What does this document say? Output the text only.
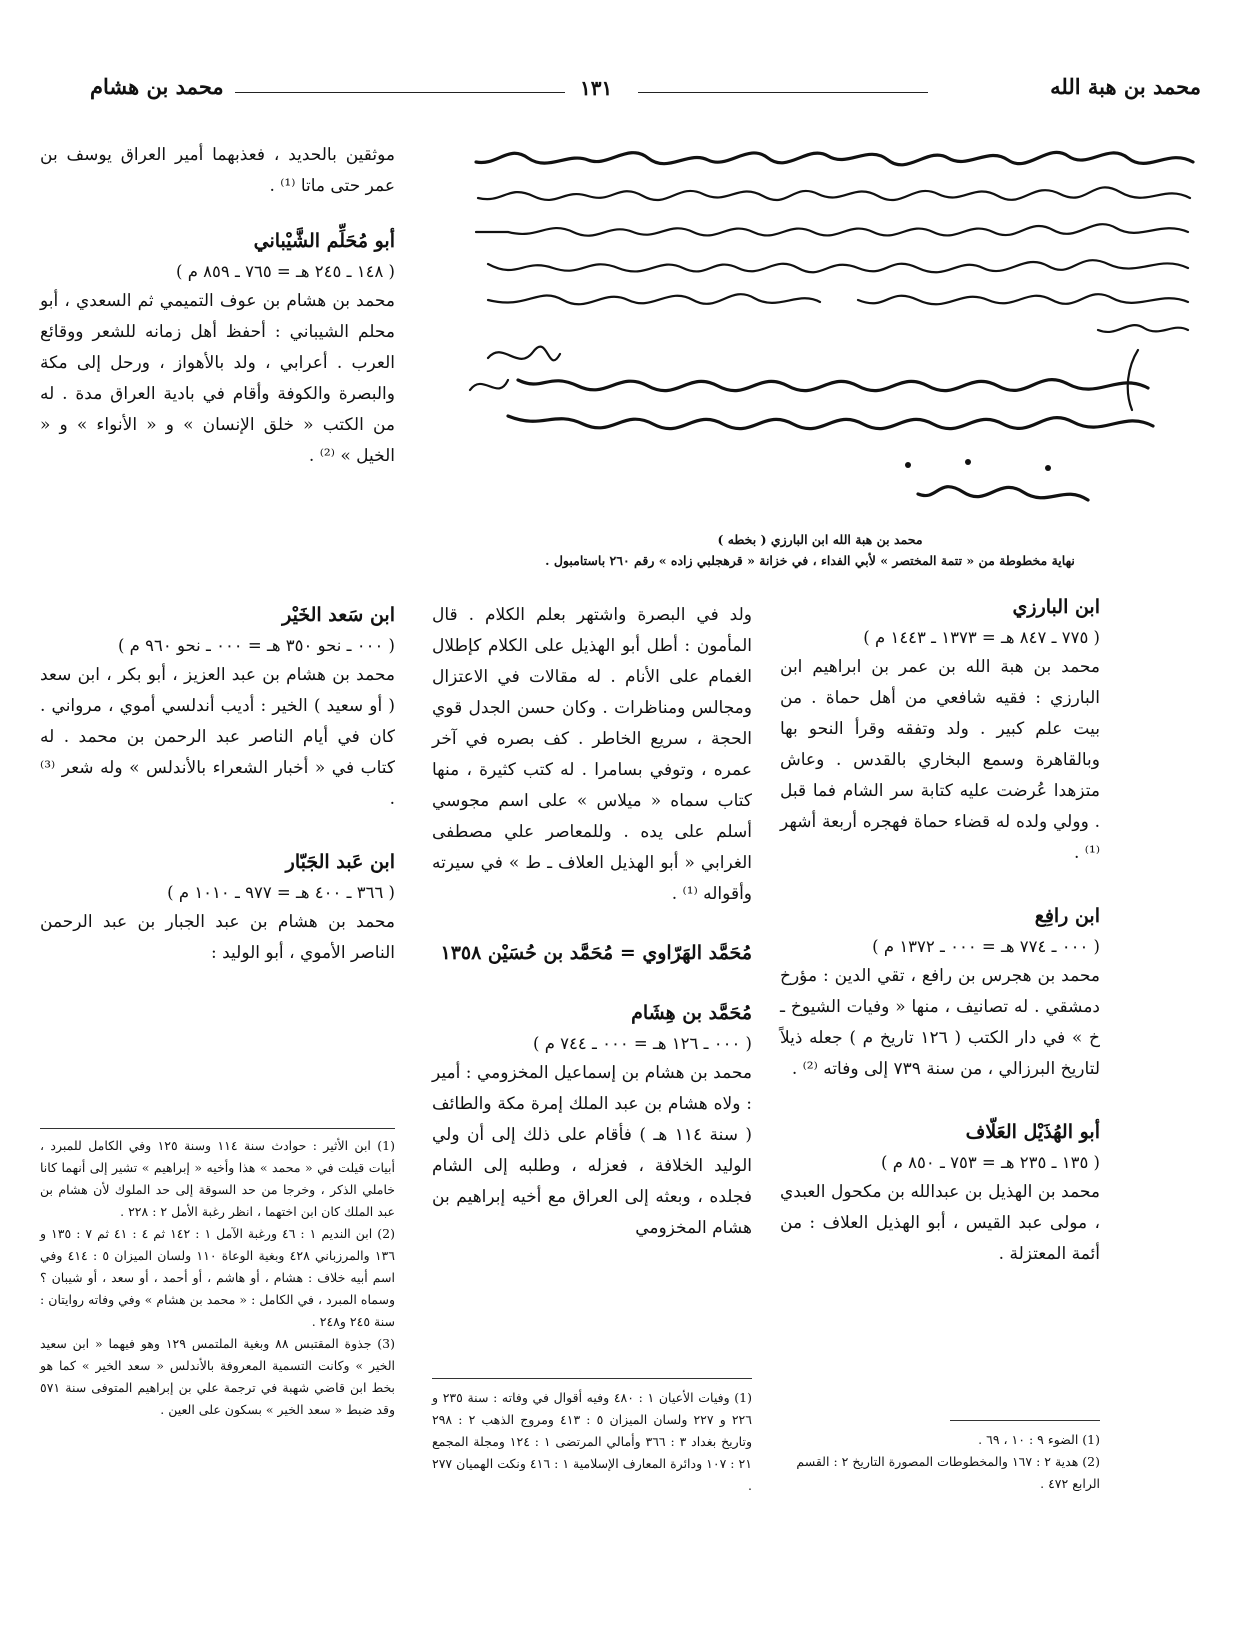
محمد بن هبة الله
١٣١
محمد بن هشام
محمد بن هبة الله ابن البارزي ( بخطه )
نهاية مخطوطة من « تتمة المختصر » لأبي الفداء ، في خزانة « قرهجلبي زاده » رقم ٢٦٠ باستامبول .

موثقين بالحديد ، فعذبهما أمير العراق يوسف بن عمر حتى ماتا ⁽¹⁾ .

أبو مُحَلِّم الشَّيْباني

( ١٤٨ ـ ٢٤٥ هـ = ٧٦٥ ـ ٨٥٩ م )

محمد بن هشام بن عوف التميمي ثم السعدي ، أبو محلم الشيباني : أحفظ أهل زمانه للشعر ووقائع العرب . أعرابي ، ولد بالأهواز ، ورحل إلى مكة والبصرة والكوفة وأقام في بادية العراق مدة . له من الكتب « خلق الإنسان » و « الأنواء » و « الخيل » ⁽²⁾ .

ابن البارزي

( ٧٧٥ ـ ٨٤٧ هـ = ١٣٧٣ ـ ١٤٤٣ م )

محمد بن هبة الله بن عمر بن ابراهيم ابن البارزي : فقيه شافعي من أهل حماة . من بيت علم كبير . ولد وتفقه وقرأ النحو بها وبالقاهرة وسمع البخاري بالقدس . وعاش متزهدا عُرضت عليه كتابة سر الشام فما قبل . وولي ولده له قضاء حماة فهجره أربعة أشهر ⁽¹⁾ .

ابن رافِع

( ٠٠٠ ـ ٧٧٤ هـ = ٠٠٠ ـ ١٣٧٢ م )

محمد بن هجرس بن رافع ، تقي الدين : مؤرخ دمشقي . له تصانيف ، منها « وفيات الشيوخ ـ خ » في دار الكتب ( ١٢٦ تاريخ م ) جعله ذيلاً لتاريخ البرزالي ، من سنة ٧٣٩ إلى وفاته ⁽²⁾ .

أبو الهُذَيْل العَلّاف

( ١٣٥ ـ ٢٣٥ هـ = ٧٥٣ ـ ٨٥٠ م )

محمد بن الهذيل بن عبدالله بن مكحول العبدي ، مولى عبد القيس ، أبو الهذيل العلاف : من أئمة المعتزلة .

(1) الضوء ٩ : ١٠ ، ٦٩ .

(2) هدية ٢ : ١٦٧ والمخطوطات المصورة التاريخ ٢ : القسم الرابع ٤٧٢ .

ولد في البصرة واشتهر بعلم الكلام . قال المأمون : أطل أبو الهذيل على الكلام كإطلال الغمام على الأنام . له مقالات في الاعتزال ومجالس ومناظرات . وكان حسن الجدل قوي الحجة ، سريع الخاطر . كف بصره في آخر عمره ، وتوفي بسامرا . له كتب كثيرة ، منها كتاب سماه « ميلاس » على اسم مجوسي أسلم على يده . وللمعاصر علي مصطفى الغرابي « أبو الهذيل العلاف ـ ط » في سيرته وأقواله ⁽¹⁾ .

مُحَمَّد الهَرّاوي = مُحَمَّد بن حُسَيْن ١٣٥٨

مُحَمَّد بن هِشَام

( ٠٠٠ ـ ١٢٦ هـ = ٠٠٠ ـ ٧٤٤ م )

محمد بن هشام بن إسماعيل المخزومي : أمير : ولاه هشام بن عبد الملك إمرة مكة والطائف ( سنة ١١٤ هـ ) فأقام على ذلك إلى أن ولي الوليد الخلافة ، فعزله ، وطلبه إلى الشام فجلده ، وبعثه إلى العراق مع أخيه إبراهيم بن هشام المخزومي

(1) وفيات الأعيان ١ : ٤٨٠ وفيه أقوال في وفاته : سنة ٢٣٥ و ٢٢٦ و ٢٢٧ ولسان الميزان ٥ : ٤١٣ ومروج الذهب ٢ : ٢٩٨ وتاريخ بغداد ٣ : ٣٦٦ وأمالي المرتضى ١ : ١٢٤ ومجلة المجمع ٢١ : ١٠٧ ودائرة المعارف الإسلامية ١ : ٤١٦ ونكت الهميان ٢٧٧ .

ابن سَعد الخَيْر

( ٠٠٠ ـ نحو ٣٥٠ هـ = ٠٠٠ ـ نحو ٩٦٠ م )

محمد بن هشام بن عبد العزيز ، أبو بكر ، ابن سعد ( أو سعيد ) الخير : أديب أندلسي أموي ، مرواني . كان في أيام الناصر عبد الرحمن بن محمد . له كتاب في « أخبار الشعراء بالأندلس » وله شعر ⁽³⁾ .

ابن عَبد الجَبّار

( ٣٦٦ ـ ٤٠٠ هـ = ٩٧٧ ـ ١٠١٠ م )

محمد بن هشام بن عبد الجبار بن عبد الرحمن الناصر الأموي ، أبو الوليد :

(1) ابن الأثير : حوادث سنة ١١٤ وسنة ١٢٥ وفي الكامل للمبرد ، أبيات قيلت في « محمد » هذا وأخيه « إبراهيم » تشير إلى أنهما كانا خاملي الذكر ، وخرجا من حد السوقة إلى حد الملوك لأن هشام بن عبد الملك كان ابن اختهما ، انظر رغبة الأمل ٢ : ٢٢٨ .

(2) ابن النديم ١ : ٤٦ ورغبة الآمل ١ : ١٤٢ ثم ٤ : ٤١ ثم ٧ : ١٣٥ و ١٣٦ والمرزباني ٤٢٨ وبغية الوعاة ١١٠ ولسان الميزان ٥ : ٤١٤ وفي اسم أبيه خلاف : هشام ، أو هاشم ، أو أحمد ، أو سعد ، أو شيبان ؟ وسماه المبرد ، في الكامل : « محمد بن هشام » وفي وفاته روايتان : سنة ٢٤٥ و٢٤٨ .

(3) جذوة المقتبس ٨٨ وبغية الملتمس ١٢٩ وهو فيهما « ابن سعيد الخير » وكانت التسمية المعروفة بالأندلس « سعد الخير » كما هو بخط ابن قاضي شهبة في ترجمة علي بن إبراهيم المتوفى سنة ٥٧١ وقد ضبط « سعد الخير » بسكون على العين .
